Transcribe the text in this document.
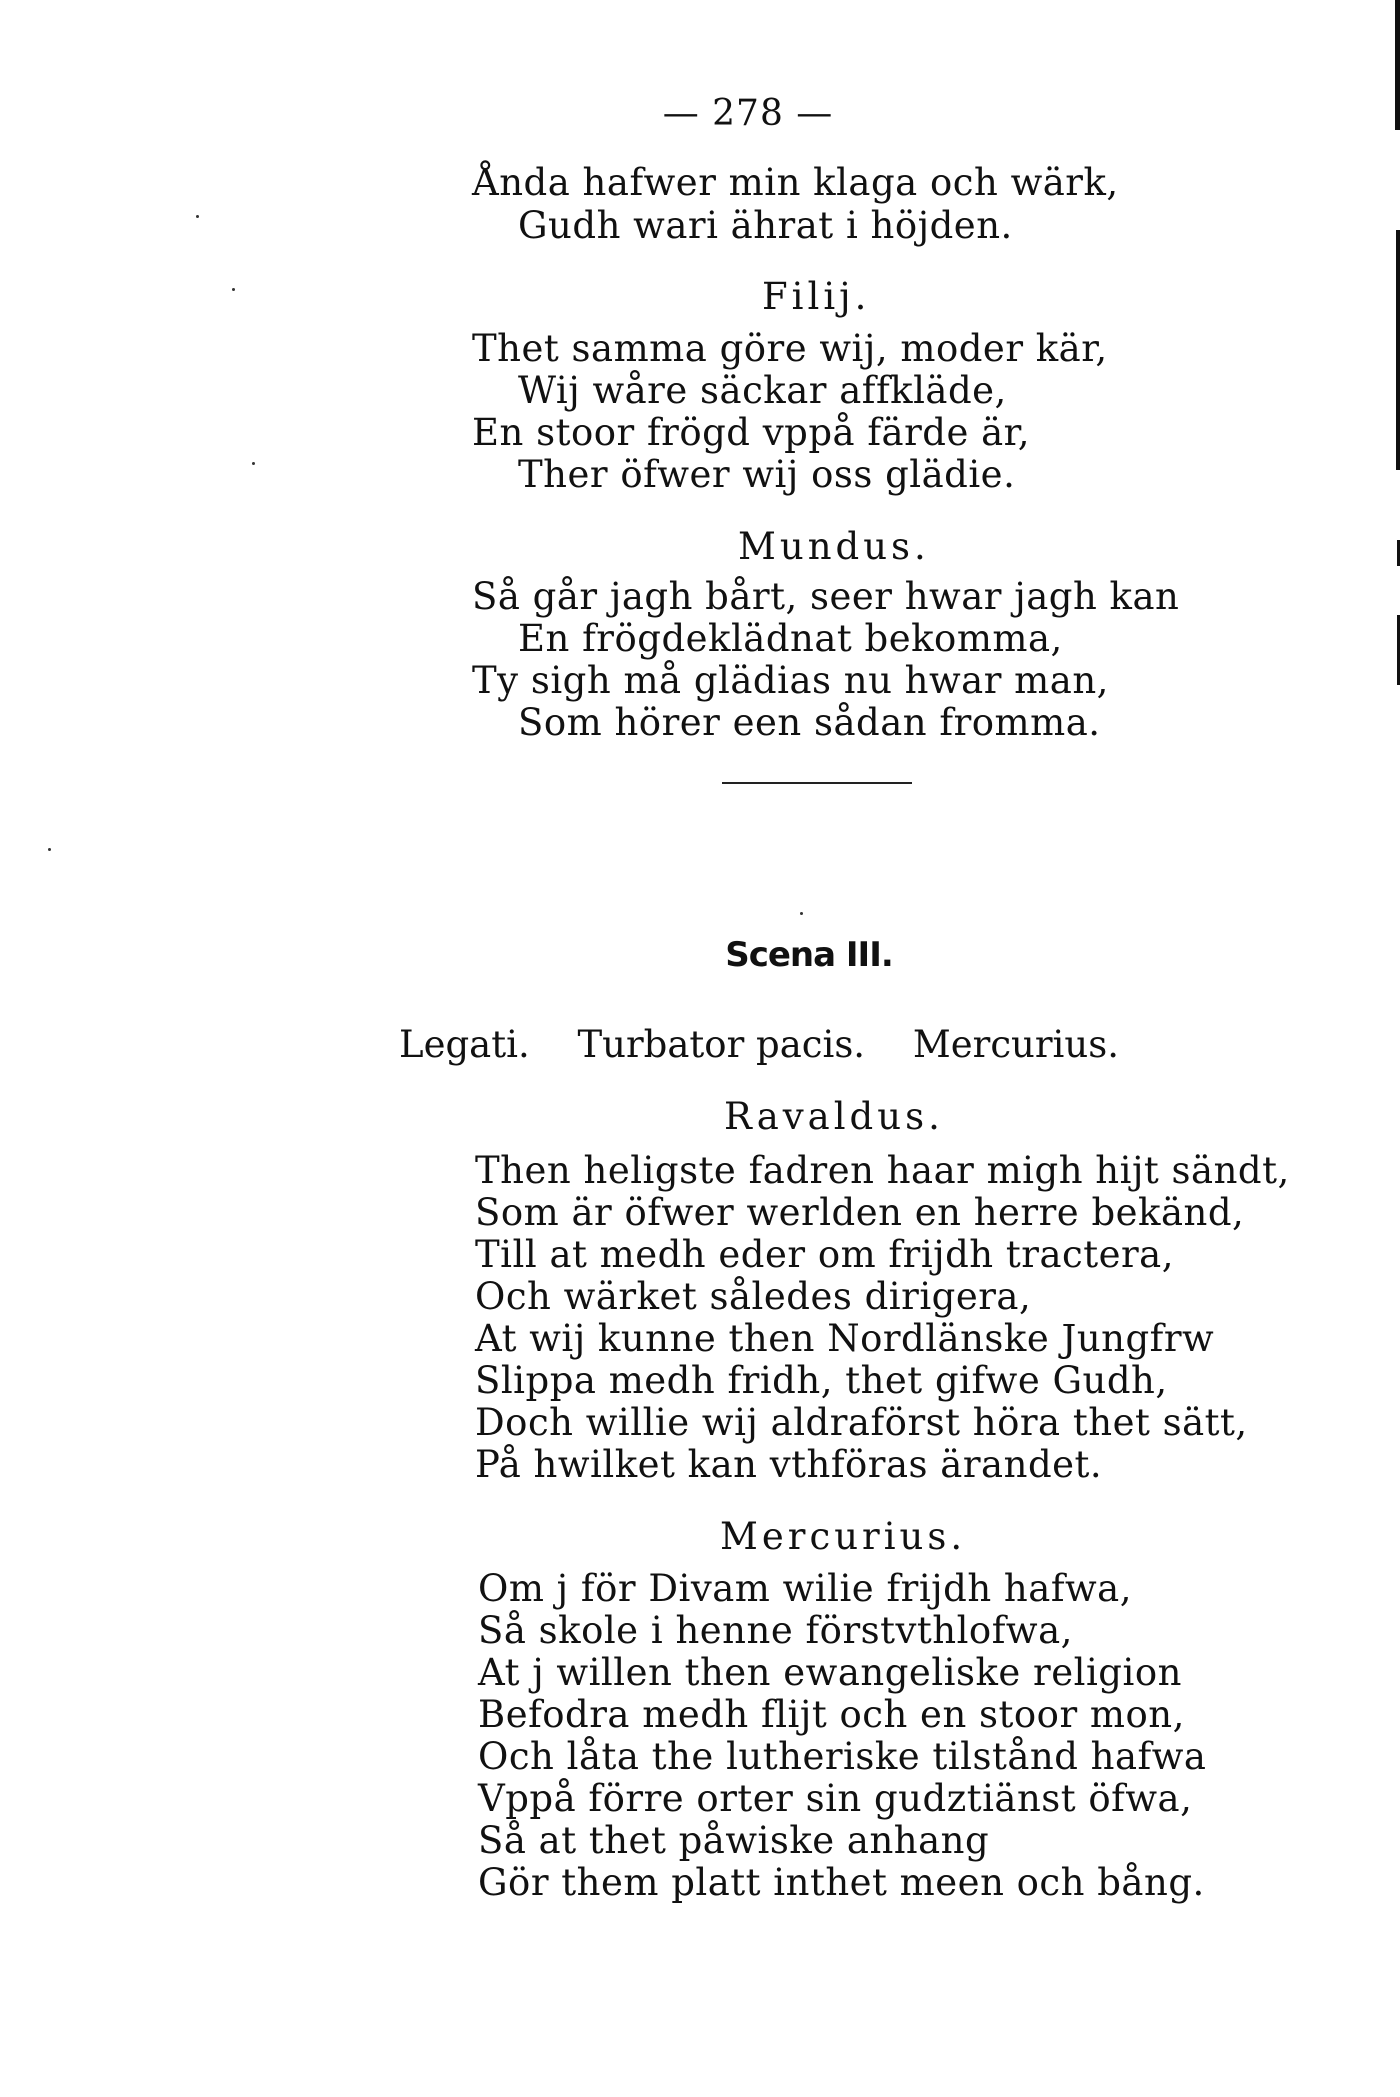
— 278 —
Ånda hafwer min klaga och wärk,
Gudh wari ährat i höjden.
Filij.
Thet samma göre wij, moder kär,
Wij wåre säckar affkläde,
En stoor frögd vppå färde är,
Ther öfwer wij oss glädie.
Mundus.
Så går jagh bårt, seer hwar jagh kan
En frögdeklädnat bekomma,
Ty sigh må glädias nu hwar man,
Som hörer een sådan fromma.
Scena III.
Legati. Turbator pacis. Mercurius.
Ravaldus.
Then heligste fadren haar migh hijt sändt,
Som är öfwer werlden en herre bekänd,
Till at medh eder om frijdh tractera,
Och wärket således dirigera,
At wij kunne then Nordlänske Jungfrw
Slippa medh fridh, thet gifwe Gudh,
Doch willie wij aldraförst höra thet sätt,
På hwilket kan vthföras ärandet.
Mercurius.
Om j för Divam wilie frijdh hafwa,
Så skole i henne förstvthlofwa,
At j willen then ewangeliske religion
Befodra medh flijt och en stoor mon,
Och låta the lutheriske tilstånd hafwa
Vppå förre orter sin gudztiänst öfwa,
Så at thet påwiske anhang
Gör them platt inthet meen och bång.
